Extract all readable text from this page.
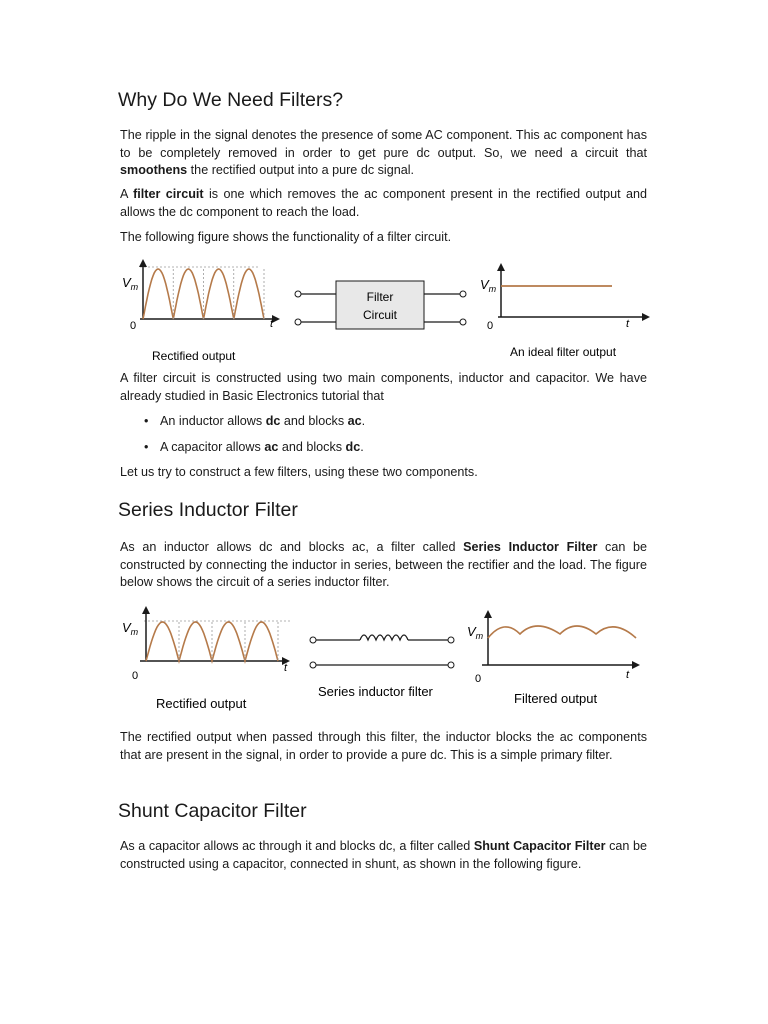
Why Do We Need Filters?

The ripple in the signal denotes the presence of some AC component. This ac component has to be completely removed in order to get pure dc output. So, we need a circuit that smoothens the rectified output into a pure dc signal.

A filter circuit is one which removes the ac component present in the rectified output and allows the dc component to reach the load.

The following figure shows the functionality of a filter circuit.

$V_m$
0	t
Rectified output
Filter
Circuit
$V_m$
0	t
An ideal filter output

A filter circuit is constructed using two main components, inductor and capacitor. We have already studied in Basic Electronics tutorial that

• An inductor allows dc and blocks ac.
• A capacitor allows ac and blocks dc.

Let us try to construct a few filters, using these two components.

Series Inductor Filter

As an inductor allows dc and blocks ac, a filter called Series Inductor Filter can be constructed by connecting the inductor in series, between the rectifier and the load. The figure below shows the circuit of a series inductor filter.

$V_m$
0
t
Rectified output
Series inductor filter
$V_m$
0	t
Filtered output

The rectified output when passed through this filter, the inductor blocks the ac components that are present in the signal, in order to provide a pure dc. This is a simple primary filter.

Shunt Capacitor Filter

As a capacitor allows ac through it and blocks dc, a filter called Shunt Capacitor Filter can be constructed using a capacitor, connected in shunt, as shown in the following figure.
